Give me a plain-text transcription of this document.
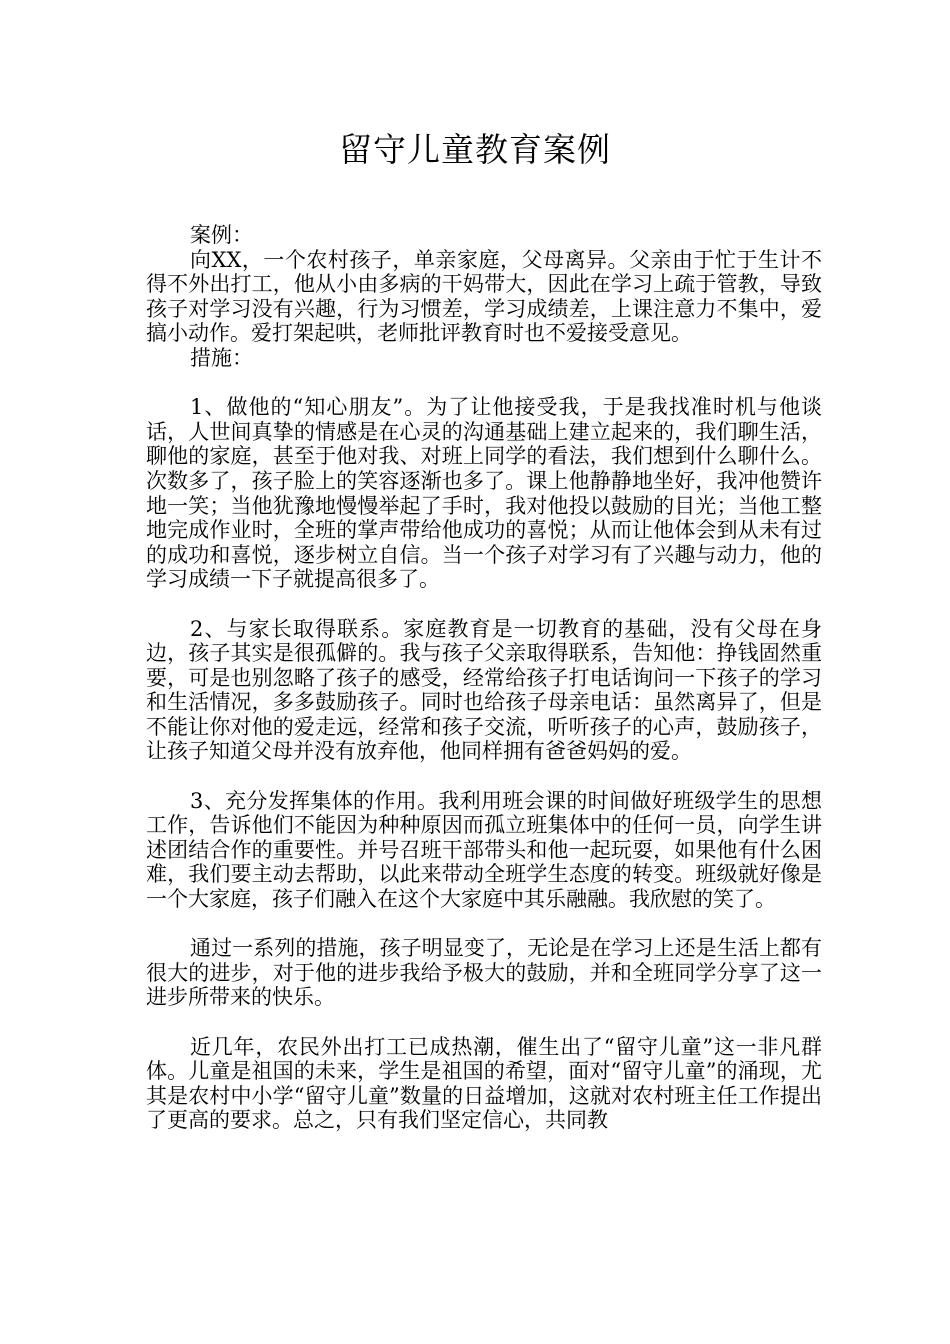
留守儿童教育案例

案例：

向XX，一个农村孩子，单亲家庭，父母离异。父亲由于忙于生计不得不外出打工，他从小由多病的干妈带大，因此在学习上疏于管教，导致孩子对学习没有兴趣，行为习惯差，学习成绩差，上课注意力不集中，爱搞小动作。爱打架起哄，老师批评教育时也不爱接受意见。

措施：

1、做他的“知心朋友”。为了让他接受我，于是我找准时机与他谈话，人世间真挚的情感是在心灵的沟通基础上建立起来的，我们聊生活，聊他的家庭，甚至于他对我、对班上同学的看法，我们想到什么聊什么。次数多了，孩子脸上的笑容逐渐也多了。课上他静静地坐好，我冲他赞许地一笑；当他犹豫地慢慢举起了手时，我对他投以鼓励的目光；当他工整地完成作业时，全班的掌声带给他成功的喜悦；从而让他体会到从未有过的成功和喜悦，逐步树立自信。当一个孩子对学习有了兴趣与动力，他的学习成绩一下子就提高很多了。

2、与家长取得联系。家庭教育是一切教育的基础，没有父母在身边，孩子其实是很孤僻的。我与孩子父亲取得联系，告知他：挣钱固然重要，可是也别忽略了孩子的感受，经常给孩子打电话询问一下孩子的学习和生活情况，多多鼓励孩子。同时也给孩子母亲电话：虽然离异了，但是不能让你对他的爱走远，经常和孩子交流，听听孩子的心声，鼓励孩子，让孩子知道父母并没有放弃他，他同样拥有爸爸妈妈的爱。

3、充分发挥集体的作用。我利用班会课的时间做好班级学生的思想工作，告诉他们不能因为种种原因而孤立班集体中的任何一员，向学生讲述团结合作的重要性。并号召班干部带头和他一起玩耍，如果他有什么困难，我们要主动去帮助，以此来带动全班学生态度的转变。班级就好像是一个大家庭，孩子们融入在这个大家庭中其乐融融。我欣慰的笑了。

通过一系列的措施，孩子明显变了，无论是在学习上还是生活上都有很大的进步，对于他的进步我给予极大的鼓励，并和全班同学分享了这一进步所带来的快乐。

近几年，农民外出打工已成热潮，催生出了“留守儿童”这一非凡群体。儿童是祖国的未来，学生是祖国的希望，面对“留守儿童”的涌现，尤其是农村中小学“留守儿童”数量的日益增加，这就对农村班主任工作提出了更高的要求。总之，只有我们坚定信心，共同教
